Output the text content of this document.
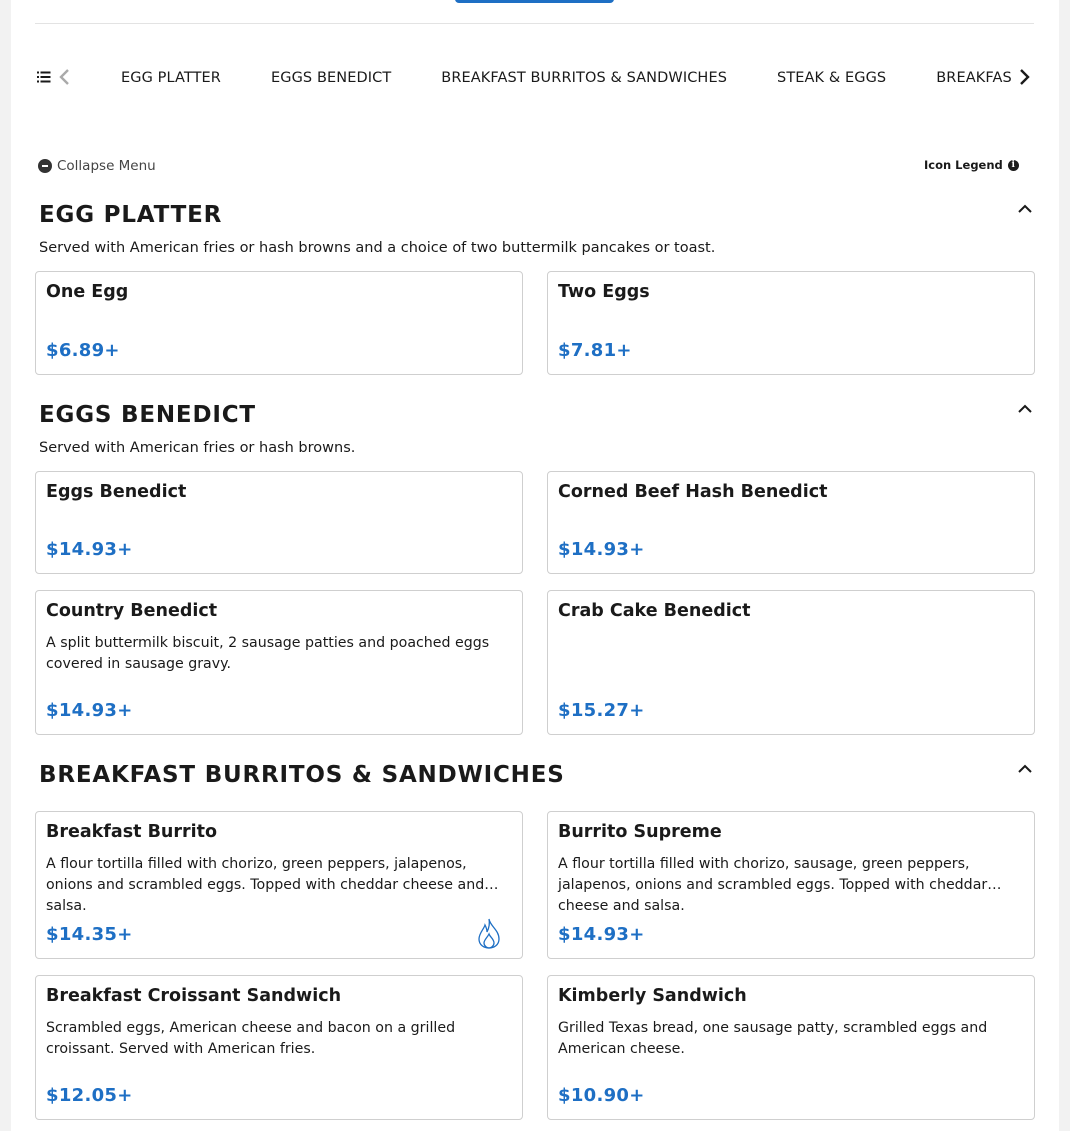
EGG PLATTER	EGGS BENEDICT	BREAKFAST BURRITOS & SANDWICHES	STEAK & EGGS	BREAKFAS
Collapse Menu	Icon Legend i
EGG PLATTER

Served with American fries or hash browns and a choice of two buttermilk pancakes or toast.

One Egg
$6.89+
Two Eggs
$7.81+
EGGS BENEDICT

Served with American fries or hash browns.

Eggs Benedict
$14.93+
Corned Beef Hash Benedict
$14.93+
Country Benedict

A split buttermilk biscuit, 2 sausage patties and poached eggs covered in sausage gravy.

$14.93+
Crab Cake Benedict
$15.27+
BREAKFAST BURRITOS & SANDWICHES
Breakfast Burrito

A flour tortilla filled with chorizo, green peppers, jalapenos, onions and scrambled eggs. Topped with cheddar cheese and salsa.

$14.35+
Burrito Supreme

A flour tortilla filled with chorizo, sausage, green peppers, jalapenos, onions and scrambled eggs. Topped with cheddar cheese and salsa.

$14.93+
Breakfast Croissant Sandwich

Scrambled eggs, American cheese and bacon on a grilled croissant. Served with American fries.

$12.05+
Kimberly Sandwich

Grilled Texas bread, one sausage patty, scrambled eggs and American cheese.

$10.90+
